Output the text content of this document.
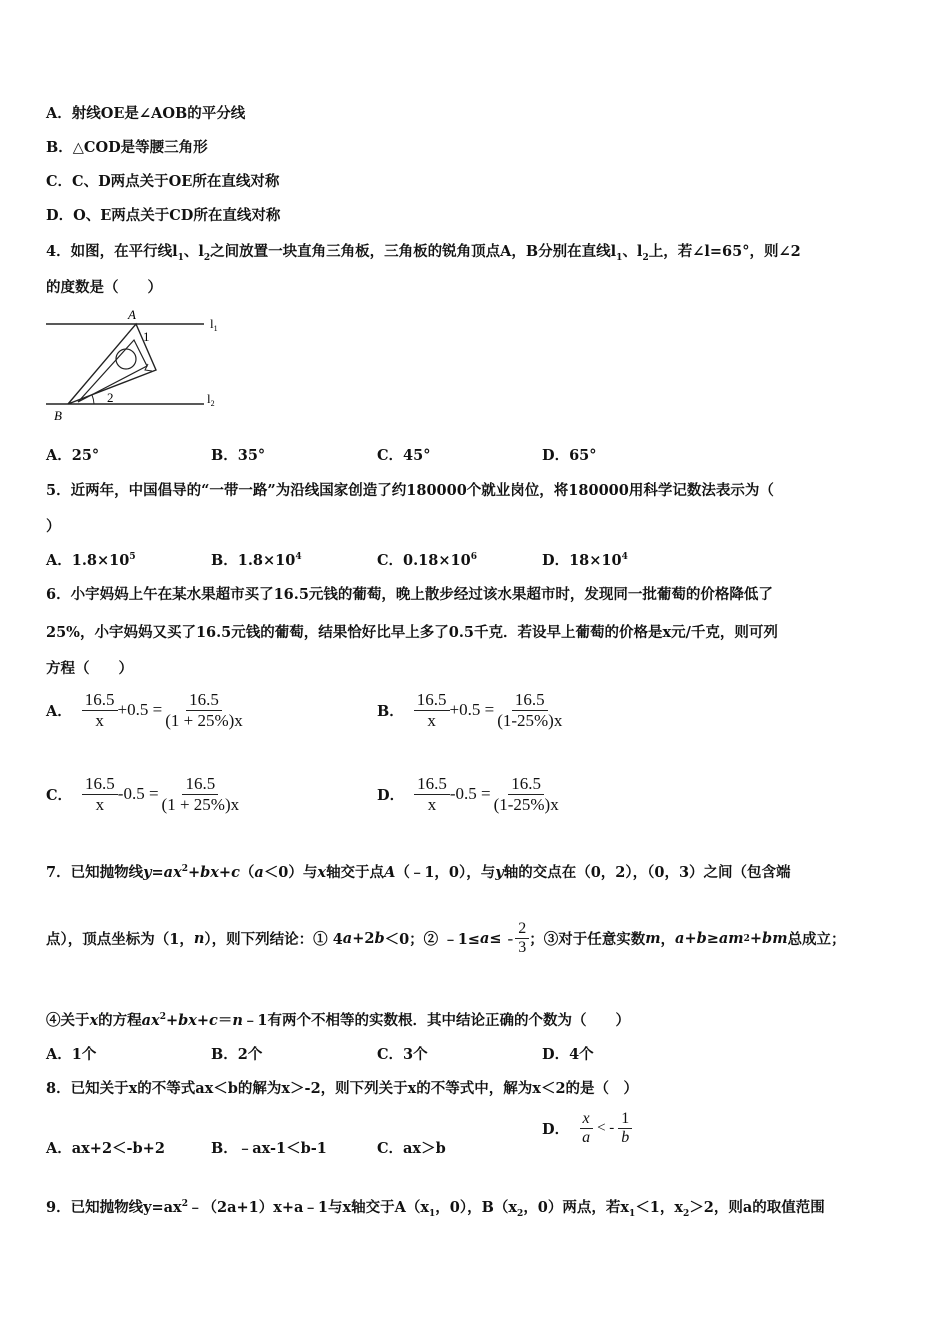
A．射线OE是∠AOB的平分线
B．△COD是等腰三角形
C．C、D两点关于OE所在直线对称
D．O、E两点关于CD所在直线对称
4．如图，在平行线$l_1$、$l_2$之间放置一块直角三角板，三角板的锐角顶点A，B分别在直线$l_1$、$l_2$上，若∠l=65°，则∠2
的度数是（　　）
A
1
2
B
$l_1$
$l_2$
A．25°	B．35°	C．45°	D．65°
5．近两年，中国倡导的“一带一路”为沿线国家创造了约180000个就业岗位，将180000用科学记数法表示为（
）
A．$1.8\times 10^5$	B．$1.8\times 10^4$	C．$0.18\times 10^6$	D．$18\times 10^4$
6．小宇妈妈上午在某水果超市买了16.5元钱的葡萄，晚上散步经过该水果超市时，发现同一批葡萄的价格降低了
25%，小宇妈妈又买了16.5元钱的葡萄，结果恰好比早上多了0.5千克．若设早上葡萄的价格是x元/千克，则可列
方程（　　）
A． $\frac{16.5}{x} +0.5 = \frac{16.5}{(1 + 25\%)x}$	B． $\frac{16.5}{x} +0.5 = \frac{16.5}{(1-25\%)x}$
C． $\frac{16.5}{x} -0.5 = \frac{16.5}{(1 + 25\%)x}$	D． $\frac{16.5}{x} -0.5 = \frac{16.5}{(1-25\%)x}$
7．已知抛物线$y=ax^2+bx+c(a<0)$与x轴交于点A（﹣1，0），与y轴的交点在（0，2），（0，3）之间（包含端
点），顶点坐标为（1， n ），则下列结论：① 4 a +2 b ＜0；② ﹣1≤ a ≤ - $\frac{2}{3}$ ；③对于任意实数 m ， a+b ≥ am 2 +bm 总成立；
④关于x的方程$ax^2+bx+c=n﹣1$有两个不相等的实数根．其中结论正确的个数为（　　）
A．1个	B．2个	C．3个	D．4个
8．已知关于x的不等式ax＜b的解为x＞-2，则下列关于x的不等式中，解为x＜2的是（　）
A．ax+2＜-b+2	B．﹣ax-1＜b-1	C．ax＞b
D． $\frac{x}{a}$ < - $\frac{1}{b}$
9．已知抛物线$y=ax^2﹣(2a+1)x+a﹣1$与x轴交于$A(x_1$，0），$B(x_2$，0）两点，若$x_1<1$，$x_2>2$，则a的取值范围
